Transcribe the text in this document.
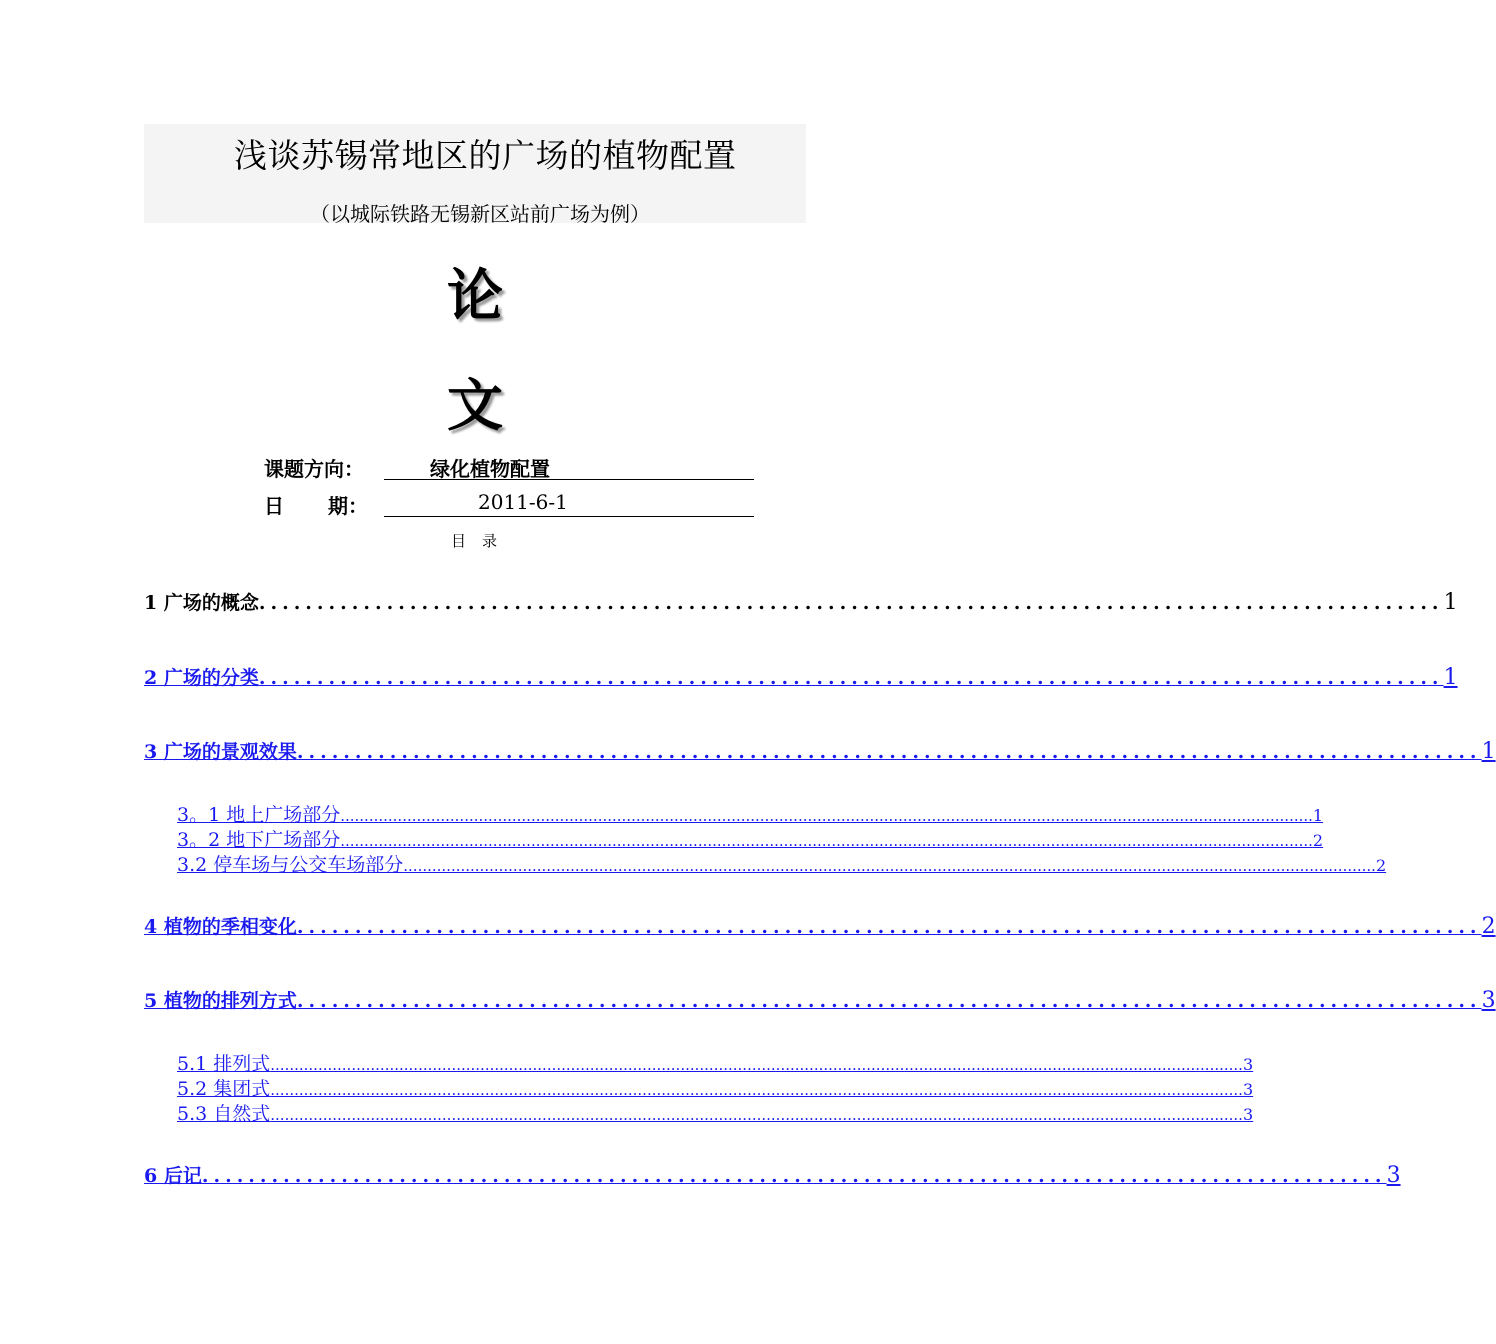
浅谈苏锡常地区的广场的植物配置
（以城际铁路无锡新区站前广场为例）
论
文
课题方向：	绿化植物配置
日 期：	2011-6-1
目 录
1 广场的概念 ...................................................................................................... 1
2 广场的分类 ...................................................................................................... 1
3 广场的景观效果 ...................................................................................................... 1
3。1 地上广场部分 ............................................................................................................................................................................................................ 1
3。2 地下广场部分 ............................................................................................................................................................................................................ 2
3.2 停车场与公交车场部分 ............................................................................................................................................................................................................ 2
4 植物的季相变化 ...................................................................................................... 2
5 植物的排列方式 ...................................................................................................... 3
5.1 排列式 ............................................................................................................................................................................................................ 3
5.2 集团式 ............................................................................................................................................................................................................ 3
5.3 自然式 ............................................................................................................................................................................................................ 3
6 后记 ...................................................................................................... 3
